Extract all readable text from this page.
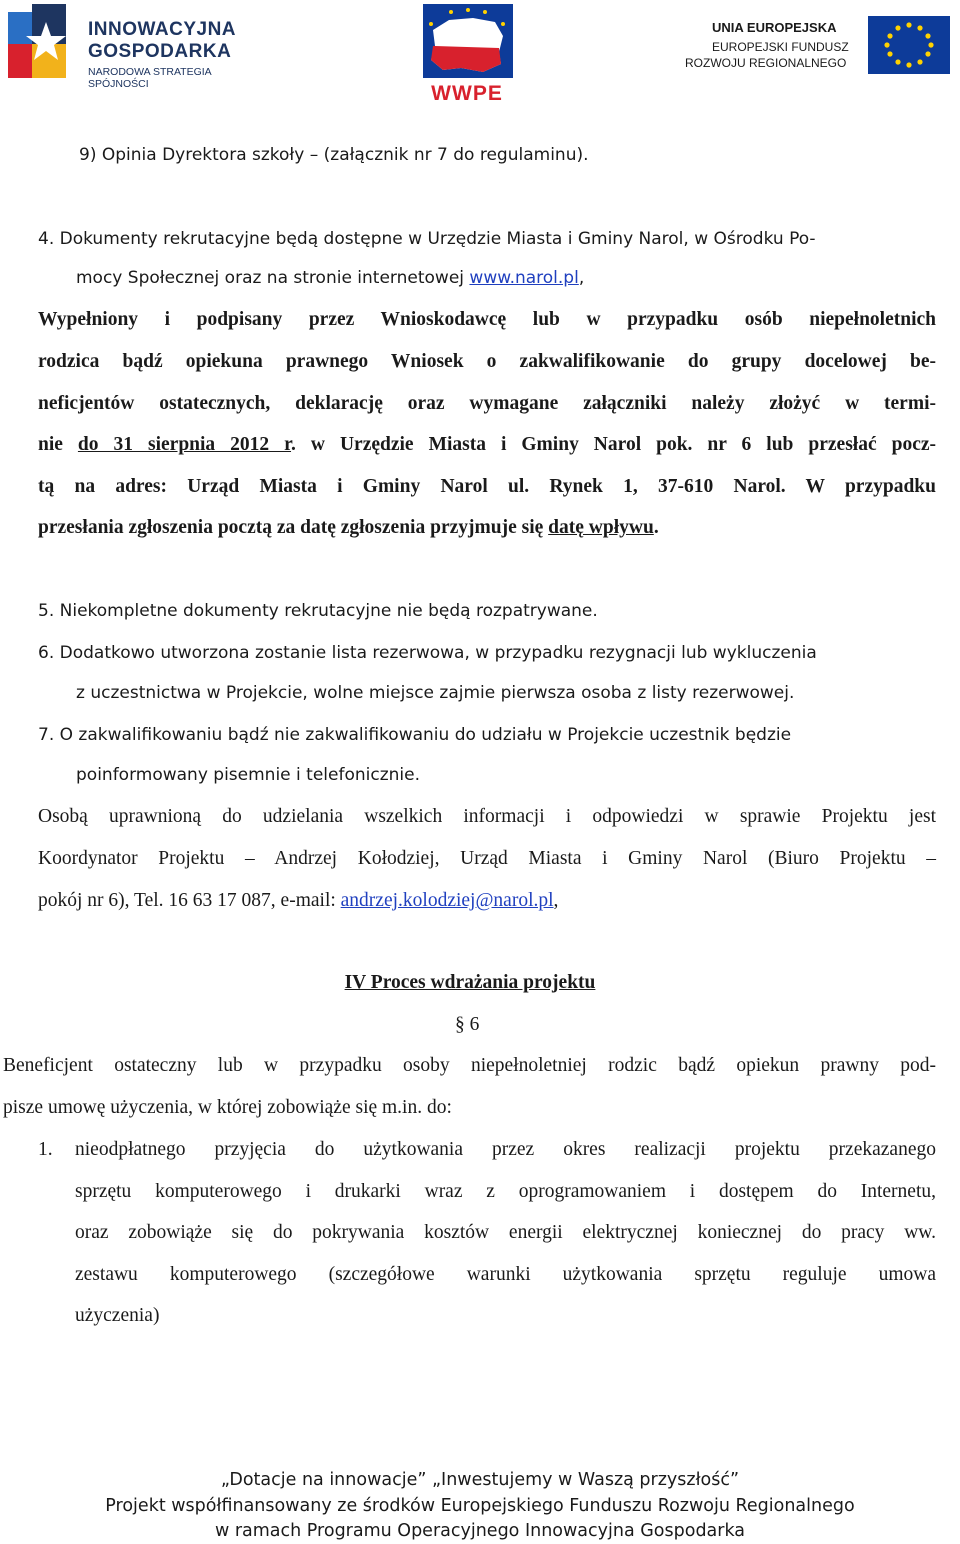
INNOWACYJNA
GOSPODARKA
NARODOWA STRATEGIA SPÓJNOŚCI	WWPE
UNIA EUROPEJSKA
EUROPEJSKI FUNDUSZ
ROZWOJU REGIONALNEGO
9) Opinia Dyrektora szkoły – (załącznik nr 7 do regulaminu).
4. Dokumenty rekrutacyjne będą dostępne w Urzędzie Miasta i Gminy Narol, w Ośrodku Po-
mocy Społecznej oraz na stronie internetowej www.narol.pl,
Wypełniony i podpisany przez Wnioskodawcę lub w przypadku osób niepełnoletnich
rodzica bądź opiekuna prawnego Wniosek o zakwalifikowanie do grupy docelowej be-
neficjentów ostatecznych, deklarację oraz wymagane załączniki należy złożyć w termi-
nie do 31 sierpnia 2012 r. w Urzędzie Miasta i Gminy Narol pok. nr 6 lub przesłać pocz-
tą na adres: Urząd Miasta i Gminy Narol ul. Rynek 1, 37-610 Narol. W przypadku
przesłania zgłoszenia pocztą za datę zgłoszenia przyjmuje się datę wpływu.
5. Niekompletne dokumenty rekrutacyjne nie będą rozpatrywane.
6. Dodatkowo utworzona zostanie lista rezerwowa, w przypadku rezygnacji lub wykluczenia
z uczestnictwa w Projekcie, wolne miejsce zajmie pierwsza osoba z listy rezerwowej.
7. O zakwalifikowaniu bądź nie zakwalifikowaniu do udziału w Projekcie uczestnik będzie
poinformowany pisemnie i telefonicznie.
Osobą uprawnioną do udzielania wszelkich informacji i odpowiedzi w sprawie Projektu jest
Koordynator Projektu – Andrzej Kołodziej, Urząd Miasta i Gminy Narol (Biuro Projektu –
pokój nr 6), Tel. 16 63 17 087, e-mail: andrzej.kolodziej@narol.pl,
IV Proces wdrażania projektu
§ 6
Beneficjent ostateczny lub w przypadku osoby niepełnoletniej rodzic bądź opiekun prawny pod-
pisze umowę użyczenia, w której zobowiąże się m.in. do:
1. nieodpłatnego przyjęcia do użytkowania przez okres realizacji projektu przekazanego
sprzętu komputerowego i drukarki wraz z oprogramowaniem i dostępem do Internetu,
oraz zobowiąże się do pokrywania kosztów energii elektrycznej koniecznej do pracy ww.
zestawu komputerowego (szczegółowe warunki użytkowania sprzętu reguluje umowa
użyczenia)
„Dotacje na innowacje” „Inwestujemy w Waszą przyszłość”
Projekt współfinansowany ze środków Europejskiego Funduszu Rozwoju Regionalnego
w ramach Programu Operacyjnego Innowacyjna Gospodarka
